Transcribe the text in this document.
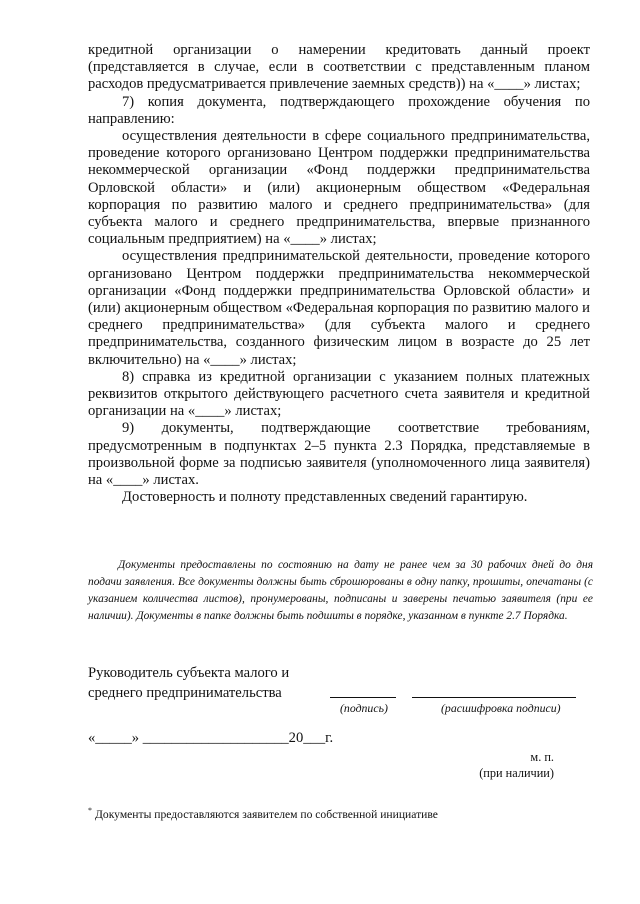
кредитной организации о намерении кредитовать данный проект (представляется в случае, если в соответствии с представленным планом расходов предусматривается привлечение заемных средств)) на «____» листах;

7) копия документа, подтверждающего прохождение обучения по направлению:

осуществления деятельности в сфере социального предпринимательства, проведение которого организовано Центром поддержки предпринимательства некоммерческой организации «Фонд поддержки предпринимательства Орловской области» и (или) акционерным обществом «Федеральная корпорация по развитию малого и среднего предпринимательства» (для субъекта малого и среднего предпринимательства, впервые признанного социальным предприятием) на «____» листах;

осуществления предпринимательской деятельности, проведение которого организовано Центром поддержки предпринимательства некоммерческой организации «Фонд поддержки предпринимательства Орловской области» и (или) акционерным обществом «Федеральная корпорация по развитию малого и среднего предпринимательства» (для субъекта малого и среднего предпринимательства, созданного физическим лицом в возрасте до 25 лет включительно) на «____» листах;

8) справка из кредитной организации с указанием полных платежных реквизитов открытого действующего расчетного счета заявителя и кредитной организации на «____» листах;

9) документы, подтверждающие соответствие требованиям, предусмотренным в подпунктах 2–5 пункта 2.3 Порядка, представляемые в произвольной форме за подписью заявителя (уполномоченного лица заявителя) на «____» листах.

Достоверность и полноту представленных сведений гарантирую.

Документы предоставлены по состоянию на дату не ранее чем за 30 рабочих дней до дня подачи заявления. Все документы должны быть сброшюрованы в одну папку, прошиты, опечатаны (с указанием количества листов), пронумерованы, подписаны и заверены печатью заявителя (при ее наличии). Документы в папке должны быть подшиты в порядке, указанном в пункте 2.7 Порядка.

Руководитель субъекта малого и
среднего предпринимательства
(подпись)	(расшифровка подписи)
«_____» ____________________20___г.
м. п.
(при наличии)
* Документы предоставляются заявителем по собственной инициативе
